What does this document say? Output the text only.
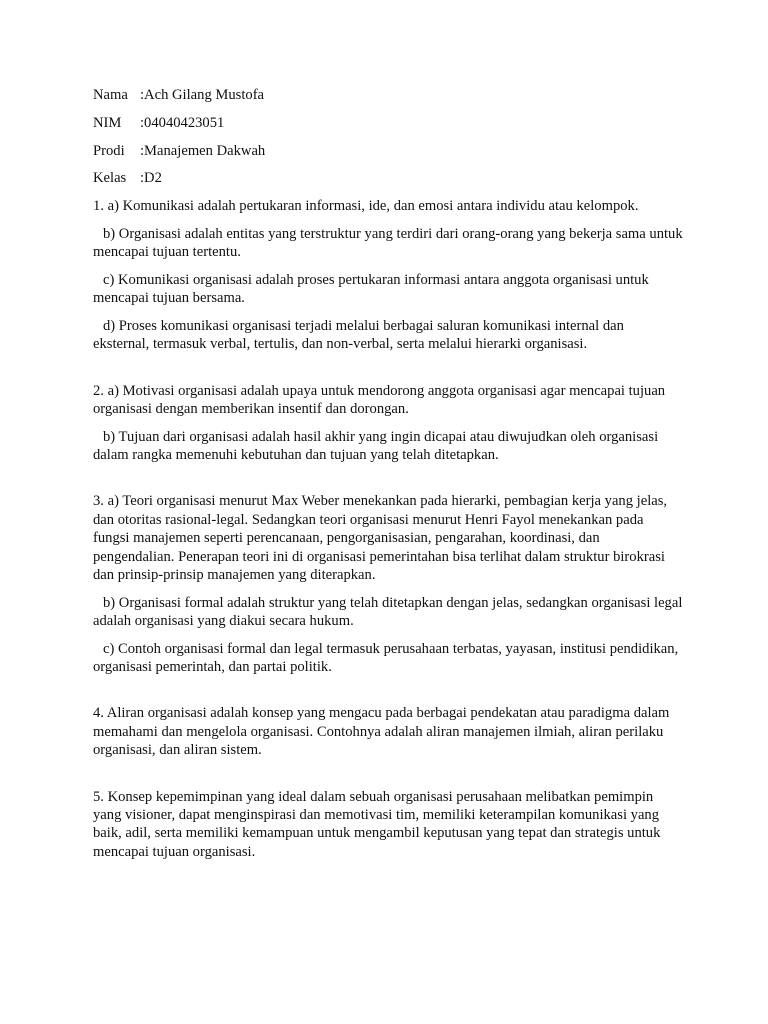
Nama :Ach Gilang Mustofa
NIM	:04040423051
Prodi	:Manajemen Dakwah
Kelas :D2

1. a) Komunikasi adalah pertukaran informasi, ide, dan emosi antara individu atau kelompok.

b) Organisasi adalah entitas yang terstruktur yang terdiri dari orang-orang yang bekerja sama untuk mencapai tujuan tertentu.

c) Komunikasi organisasi adalah proses pertukaran informasi antara anggota organisasi untuk mencapai tujuan bersama.

d) Proses komunikasi organisasi terjadi melalui berbagai saluran komunikasi internal dan eksternal, termasuk verbal, tertulis, dan non-verbal, serta melalui hierarki organisasi.

2. a) Motivasi organisasi adalah upaya untuk mendorong anggota organisasi agar mencapai tujuan organisasi dengan memberikan insentif dan dorongan.

b) Tujuan dari organisasi adalah hasil akhir yang ingin dicapai atau diwujudkan oleh organisasi dalam rangka memenuhi kebutuhan dan tujuan yang telah ditetapkan.

3. a) Teori organisasi menurut Max Weber menekankan pada hierarki, pembagian kerja yang jelas, dan otoritas rasional-legal. Sedangkan teori organisasi menurut Henri Fayol menekankan pada fungsi manajemen seperti perencanaan, pengorganisasian, pengarahan, koordinasi, dan pengendalian. Penerapan teori ini di organisasi pemerintahan bisa terlihat dalam struktur birokrasi dan prinsip-prinsip manajemen yang diterapkan.

b) Organisasi formal adalah struktur yang telah ditetapkan dengan jelas, sedangkan organisasi legal adalah organisasi yang diakui secara hukum.

c) Contoh organisasi formal dan legal termasuk perusahaan terbatas, yayasan, institusi pendidikan, organisasi pemerintah, dan partai politik.

4. Aliran organisasi adalah konsep yang mengacu pada berbagai pendekatan atau paradigma dalam memahami dan mengelola organisasi. Contohnya adalah aliran manajemen ilmiah, aliran perilaku organisasi, dan aliran sistem.

5. Konsep kepemimpinan yang ideal dalam sebuah organisasi perusahaan melibatkan pemimpin yang visioner, dapat menginspirasi dan memotivasi tim, memiliki keterampilan komunikasi yang baik, adil, serta memiliki kemampuan untuk mengambil keputusan yang tepat dan strategis untuk mencapai tujuan organisasi.
